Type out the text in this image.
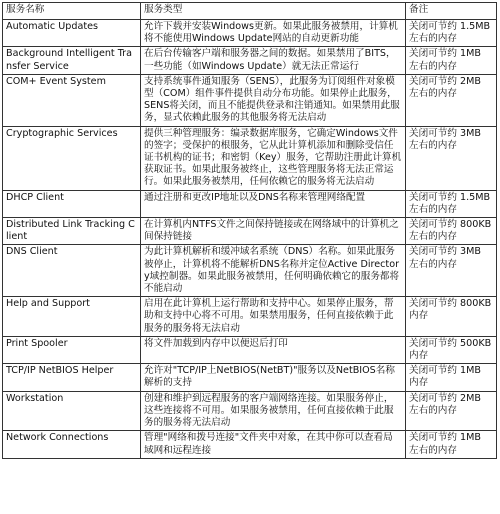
服务名称	服务类型	备注
Automatic Updates	允许下载并安装Windows更新。如果此服务被禁用，计算机将不能使用Windows Update网站的自动更新功能	关闭可节约 1.5MB 左右的内存
Background Intelligent Transfer Service	在后台传输客户端和服务器之间的数据。如果禁用了BITS，一些功能（如Windows Update）就无法正常运行	关闭可节约 1MB 左右的内存
COM+ Event System	支持系统事件通知服务（SENS），此服务为订阅组件对象模型（COM）组件事件提供自动分布功能。如果停止此服务，SENS将关闭，而且不能提供登录和注销通知。如果禁用此服务，显式依赖此服务的其他服务将无法启动	关闭可节约 2MB 左右的内存
Cryptographic Services	提供三种管理服务：编录数据库服务，它确定Windows文件的签字；受保护的根服务，它从此计算机添加和删除受信任证书机构的证书；和密钥（Key）服务，它帮助注册此计算机获取证书。如果此服务被终止，这些管理服务将无法正常运行。如果此服务被禁用，任何依赖它的服务将无法启动	关闭可节约 3MB 左右的内存
DHCP Client	通过注册和更改IP地址以及DNS名称来管理网络配置	关闭可节约 1.5MB 左右的内存
Distributed Link Tracking Client	在计算机内NTFS文件之间保持链接或在网络域中的计算机之间保持链接	关闭可节约 800KB 左右的内存
DNS Client	为此计算机解析和缓冲域名系统（DNS）名称。如果此服务被停止，计算机将不能解析DNS名称并定位Active Directory域控制器。如果此服务被禁用，任何明确依赖它的服务都将不能启动	关闭可节约 3MB 左右的内存
Help and Support	启用在此计算机上运行帮助和支持中心。如果停止服务，帮助和支持中心将不可用。如果禁用服务，任何直接依赖于此服务的服务将无法启动	关闭可节约 800KB 内存
Print Spooler	将文件加载到内存中以便迟后打印	关闭可节约 500KB 内存
TCP/IP NetBIOS Helper	允许对"TCP/IP上NetBIOS(NetBT)"服务以及NetBIOS名称解析的支持	关闭可节约 1MB 内存
Workstation	创建和维护到远程服务的客户端网络连接。如果服务停止，这些连接将不可用。如果服务被禁用，任何直接依赖于此服务的服务将无法启动	关闭可节约 2MB 左右的内存
Network Connections	管理"网络和拨号连接"文件夹中对象，在其中你可以查看局域网和远程连接	关闭可节约 1MB 左右的内存
